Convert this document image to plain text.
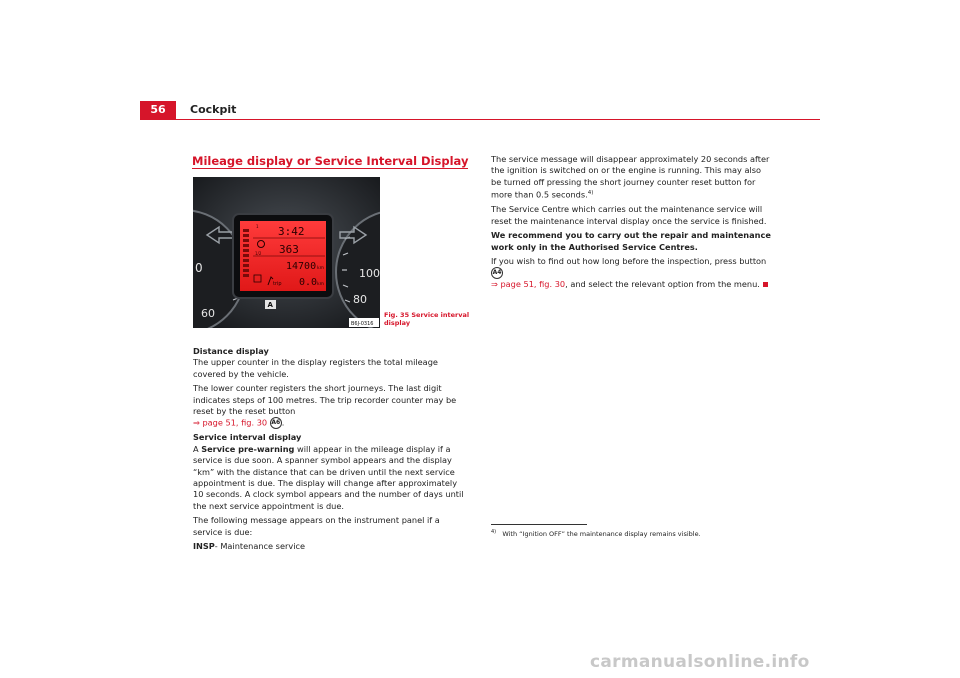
56	Cockpit
Mileage display or Service Interval Display
0
60
100
80
1
1/2
3:42
363
14700 km
trip 0.0 km
A
B6J-0316
Fig. 35 Service interval display

Distance display

The upper counter in the display registers the total mileage covered by the vehicle.

The lower counter registers the short journeys. The last digit indicates steps of 100 metres. The trip recorder counter may be reset by the reset button
⇒ page 51, fig. 30 A6 .

Service interval display

A Service pre-warning will appear in the mileage display if a service is due soon. A spanner symbol appears and the display “km” with the distance that can be driven until the next service appointment is due. The display will change after approximately 10 seconds. A clock symbol appears and the number of days until the next service appointment is due.

The following message appears on the instrument panel if a service is due:

INSP- Maintenance service

The service message will disappear approximately 20 seconds after the ignition is switched on or the engine is running. This may also be turned off pressing the short journey counter reset button for more than 0.5 seconds.$^{4)}$

The Service Centre which carries out the maintenance service will reset the maintenance interval display once the service is finished.

We recommend you to carry out the repair and maintenance work only in the Authorised Service Centres.

If you wish to find out how long before the inspection, press button A4
⇒ page 51, fig. 30, and select the relevant option from the menu.

$^{4)}$ With “Ignition OFF” the maintenance display remains visible.
carmanualsonline.info
